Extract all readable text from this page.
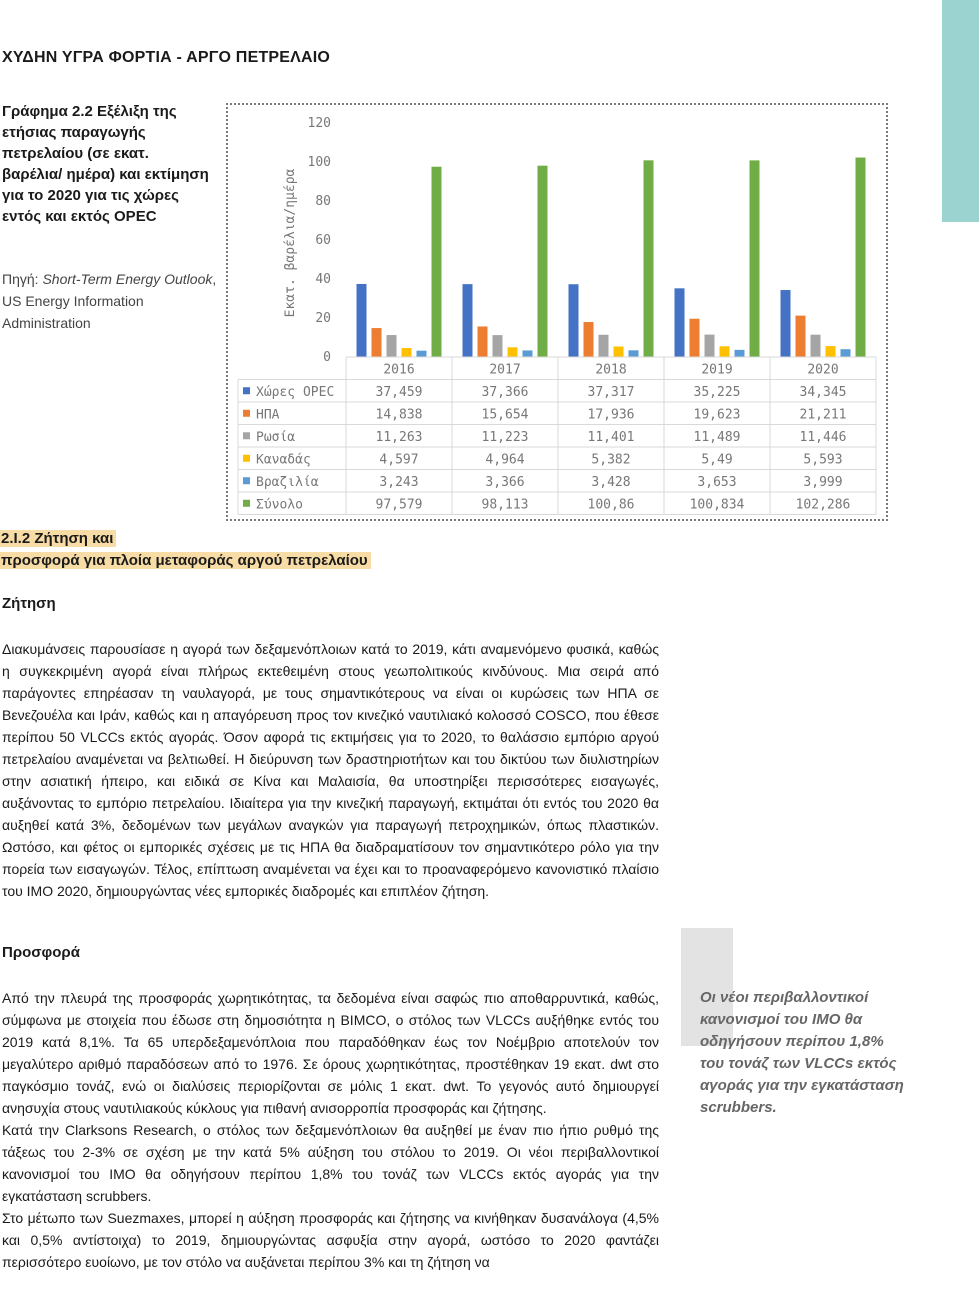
ΧΥΔΗΝ ΥΓΡΑ ΦΟΡΤΙΑ - ΑΡΓΟ ΠΕΤΡΕΛΑΙΟ

Γράφημα 2.2 Εξέλιξη της ετήσιας παραγωγής πετρελαίου (σε εκατ. βαρέλια/ ημέρα) και εκτίμηση για το 2020 για τις χώρες εντός και εκτός OPEC

Πηγή: Short-Term Energy Outlook, US Energy Information Administration

0
20
40
60
80
100
120
Εκατ. βαρέλια/ημέρα
2016	2017	2018	2019	2020
Χώρες OPEC	37,459	37,366	37,317	35,225	34,345
ΗΠΑ	14,838	15,654	17,936	19,623	21,211
Ρωσία	11,263	11,223	11,401	11,489	11,446
Καναδάς	4,597	4,964	5,382	5,49	5,593
Βραζιλία	3,243	3,366	3,428	3,653	3,999
Σύνολο	97,579	98,113	100,86	100,834	102,286
2.Ι.2 Ζήτηση και
προσφορά για πλοία μεταφοράς αργού πετρελαίου
Ζήτηση

Διακυμάνσεις παρουσίασε η αγορά των δεξαμενόπλοιων κατά το 2019, κάτι αναμενόμενο φυσικά, καθώς η συγκεκριμένη αγορά είναι πλήρως εκτεθειμένη στους γεωπολιτικούς κινδύνους. Μια σειρά από παράγοντες επηρέασαν τη ναυλαγορά, με τους σημαντικότερους να είναι οι κυρώσεις των ΗΠΑ σε Βενεζουέλα και Ιράν, καθώς και η απαγόρευση προς τον κινεζικό ναυτιλιακό κολοσσό COSCO, που έθεσε περίπου 50 VLCCs εκτός αγοράς. Όσον αφορά τις εκτιμήσεις για το 2020, το θαλάσσιο εμπόριο αργού πετρελαίου αναμένεται να βελτιωθεί. Η διεύρυνση των δραστηριοτήτων και του δικτύου των διυλιστηρίων στην ασιατική ήπειρο, και ειδικά σε Κίνα και Μαλαισία, θα υποστηρίξει περισσότερες εισαγωγές, αυξάνοντας το εμπόριο πετρελαίου. Ιδιαίτερα για την κινεζική παραγωγή, εκτιμάται ότι εντός του 2020 θα αυξηθεί κατά 3%, δεδομένων των μεγάλων αναγκών για παραγωγή πετροχημικών, όπως πλαστικών. Ωστόσο, και φέτος οι εμπορικές σχέσεις με τις ΗΠΑ θα διαδραματίσουν τον σημαντικότερο ρόλο για την πορεία των εισαγωγών. Τέλος, επίπτωση αναμένεται να έχει και το προαναφερόμενο κανονιστικό πλαίσιο του IMO 2020, δημιουργώντας νέες εμπορικές διαδρομές και επιπλέον ζήτηση.

Προσφορά

Από την πλευρά της προσφοράς χωρητικότητας, τα δεδομένα είναι σαφώς πιο αποθαρρυντικά, καθώς, σύμφωνα με στοιχεία που έδωσε στη δημοσιότητα η BIMCO, ο στόλος των VLCCs αυξήθηκε εντός του 2019 κατά 8,1%. Τα 65 υπερδεξαμενόπλοια που παραδόθηκαν έως τον Νοέμβριο αποτελούν τον μεγαλύτερο αριθμό παραδόσεων από το 1976. Σε όρους χωρητικότητας, προστέθηκαν 19 εκατ. dwt στο παγκόσμιο τονάζ, ενώ οι διαλύσεις περιορίζονται σε μόλις 1 εκατ. dwt. Το γεγονός αυτό δημιουργεί ανησυχία στους ναυτιλιακούς κύκλους για πιθανή ανισορροπία προσφοράς και ζήτησης.

Κατά την Clarksons Research, ο στόλος των δεξαμενόπλοιων θα αυξηθεί με έναν πιο ήπιο ρυθμό της τάξεως του 2-3% σε σχέση με την κατά 5% αύξηση του στόλου το 2019. Οι νέοι περιβαλλοντικοί κανονισμοί του IMO θα οδηγήσουν περίπου 1,8% του τονάζ των VLCCs εκτός αγοράς για την εγκατάσταση scrubbers.

Στο μέτωπο των Suezmaxes, μπορεί η αύξηση προσφοράς και ζήτησης να κινήθηκαν δυσανάλογα (4,5% και 0,5% αντίστοιχα) το 2019, δημιουργώντας ασφυξία στην αγορά, ωστόσο το 2020 φαντάζει περισσότερο ευοίωνο, με τον στόλο να αυξάνεται περίπου 3% και τη ζήτηση να

Οι νέοι περιβαλλοντικοί κανονισμοί του IMO θα οδηγήσουν περίπου 1,8% του τονάζ των VLCCs εκτός αγοράς για την εγκατάσταση scrubbers.
